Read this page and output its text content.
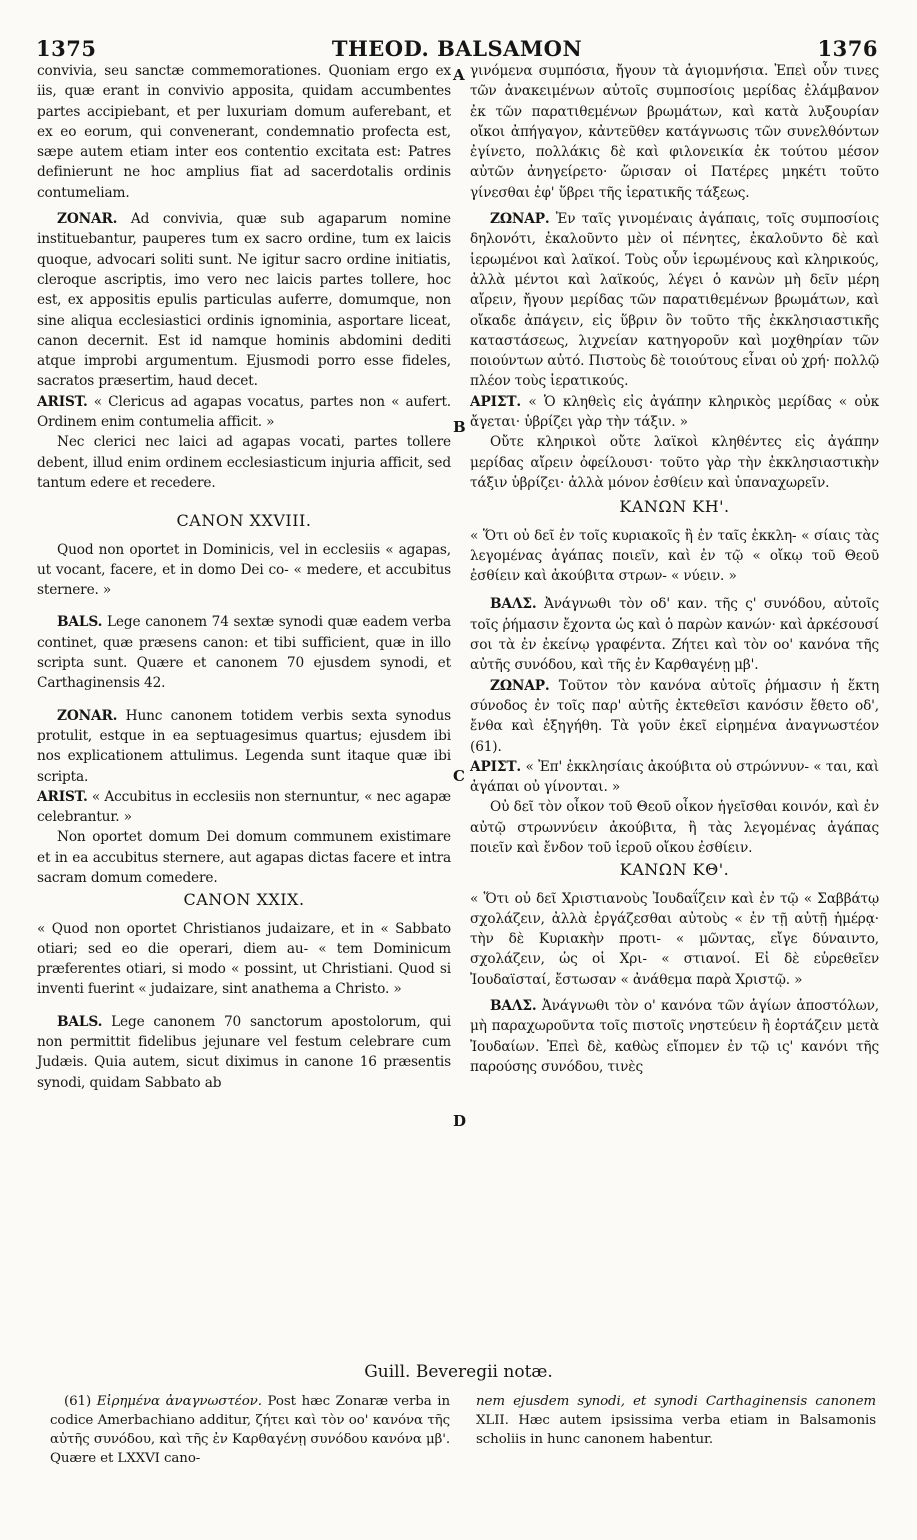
1375	THEOD. BALSAMON	1376
A
B
C
D

convivia, seu sanctæ commemorationes. Quoniam ergo ex iis, quæ erant in convivio apposita, quidam accumbentes partes accipiebant, et per luxuriam domum auferebant, et ex eo eorum, qui convenerant, condemnatio profecta est, sæpe autem etiam inter eos contentio excitata est: Patres definierunt ne hoc amplius fiat ad sacerdotalis ordinis contumeliam.

ZONAR. Ad convivia, quæ sub agaparum nomine instituebantur, pauperes tum ex sacro ordine, tum ex laicis quoque, advocari soliti sunt. Ne igitur sacro ordine initiatis, cleroque ascriptis, imo vero nec laicis partes tollere, hoc est, ex appositis epulis particulas auferre, domumque, non sine aliqua ecclesiastici ordinis ignominia, asportare liceat, canon decernit. Est id namque hominis abdomini dediti atque improbi argumentum. Ejusmodi porro esse fideles, sacratos præsertim, haud decet.

ARIST. « Clericus ad agapas vocatus, partes non « aufert. Ordinem enim contumelia afficit. »

Nec clerici nec laici ad agapas vocati, partes tollere debent, illud enim ordinem ecclesiasticum injuria afficit, sed tantum edere et recedere.

CANON XXVIII.

Quod non oportet in Dominicis, vel in ecclesiis « agapas, ut vocant, facere, et in domo Dei co- « medere, et accubitus sternere. »

BALS. Lege canonem 74 sextæ synodi quæ eadem verba continet, quæ præsens canon: et tibi sufficient, quæ in illo scripta sunt. Quære et canonem 70 ejusdem synodi, et Carthaginensis 42.

ZONAR. Hunc canonem totidem verbis sexta synodus protulit, estque in ea septuagesimus quartus; ejusdem ibi nos explicationem attulimus. Legenda sunt itaque quæ ibi scripta.

ARIST. « Accubitus in ecclesiis non sternuntur, « nec agapæ celebrantur. »

Non oportet domum Dei domum communem existimare et in ea accubitus sternere, aut agapas dictas facere et intra sacram domum comedere.

CANON XXIX.

« Quod non oportet Christianos judaizare, et in « Sabbato otiari; sed eo die operari, diem au- « tem Dominicum præferentes otiari, si modo « possint, ut Christiani. Quod si inventi fuerint « judaizare, sint anathema a Christo. »

BALS. Lege canonem 70 sanctorum apostolorum, qui non permittit fidelibus jejunare vel festum celebrare cum Judæis. Quia autem, sicut diximus in canone 16 præsentis synodi, quidam Sabbato ab

γινόμενα συμπόσια, ἤγουν τὰ ἁγιομνήσια. Ἐπεὶ οὖν τινες τῶν ἀνακειμένων αὐτοῖς συμποσίοις μερίδας ἐλάμβανον ἐκ τῶν παρατιθεμένων βρωμάτων, καὶ κατὰ λυξουρίαν οἴκοι ἀπήγαγον, κἀντεῦθεν κατάγνωσις τῶν συνελθόντων ἐγίνετο, πολλάκις δὲ καὶ φιλονεικία ἐκ τούτου μέσον αὐτῶν ἀνηγείρετο· ὥρισαν οἱ Πατέρες μηκέτι τοῦτο γίνεσθαι ἐφ' ὕβρει τῆς ἱερατικῆς τάξεως.

ΖΩΝΑΡ. Ἐν ταῖς γινομέναις ἀγάπαις, τοῖς συμποσίοις δηλονότι, ἐκαλοῦντο μὲν οἱ πένητες, ἐκαλοῦντο δὲ καὶ ἱερωμένοι καὶ λαϊκοί. Τοὺς οὖν ἱερωμένους καὶ κληρικούς, ἀλλὰ μέντοι καὶ λαϊκούς, λέγει ὁ κανὼν μὴ δεῖν μέρη αἴρειν, ἤγουν μερίδας τῶν παρατιθεμένων βρωμάτων, καὶ οἴκαδε ἀπάγειν, εἰς ὕβριν ὂν τοῦτο τῆς ἐκκλησιαστικῆς καταστάσεως, λιχνείαν κατηγοροῦν καὶ μοχθηρίαν τῶν ποιούντων αὐτό. Πιστοὺς δὲ τοιούτους εἶναι οὐ χρή· πολλῷ πλέον τοὺς ἱερατικούς.

ΑΡΙΣΤ. « Ὁ κληθεὶς εἰς ἀγάπην κληρικὸς μερίδας « οὐκ ἄγεται· ὑβρίζει γὰρ τὴν τάξιν. »

Οὔτε κληρικοὶ οὔτε λαϊκοὶ κληθέντες εἰς ἀγάπην μερίδας αἴρειν ὀφείλουσι· τοῦτο γὰρ τὴν ἐκκλησιαστικὴν τάξιν ὑβρίζει· ἀλλὰ μόνον ἐσθίειν καὶ ὑπαναχωρεῖν.

ΚΑΝΩΝ ΚΗ'.

« Ὅτι οὐ δεῖ ἐν τοῖς κυριακοῖς ἢ ἐν ταῖς ἐκκλη- « σίαις τὰς λεγομένας ἀγάπας ποιεῖν, καὶ ἐν τῷ « οἴκῳ τοῦ Θεοῦ ἐσθίειν καὶ ἀκούβιτα στρων- « νύειν. »

ΒΑΛΣ. Ἀνάγνωθι τὸν οδ' καν. τῆς ς' συνόδου, αὐτοῖς τοῖς ῥήμασιν ἔχοντα ὡς καὶ ὁ παρὼν κανών· καὶ ἀρκέσουσί σοι τὰ ἐν ἐκείνῳ γραφέντα. Ζήτει καὶ τὸν οο' κανόνα τῆς αὐτῆς συνόδου, καὶ τῆς ἐν Καρθαγένῃ μβ'.

ΖΩΝΑΡ. Τοῦτον τὸν κανόνα αὐτοῖς ῥήμασιν ἡ ἕκτη σύνοδος ἐν τοῖς παρ' αὐτῆς ἐκτεθεῖσι κανόσιν ἔθετο οδ', ἔνθα καὶ ἐξηγήθη. Τὰ γοῦν ἐκεῖ εἰρημένα ἀναγνωστέον (61).

ΑΡΙΣΤ. « Ἐπ' ἐκκλησίαις ἀκούβιτα οὐ στρώννυν- « ται, καὶ ἀγάπαι οὐ γίνονται. »

Οὐ δεῖ τὸν οἶκον τοῦ Θεοῦ οἶκον ἡγεῖσθαι κοινόν, καὶ ἐν αὐτῷ στρωννύειν ἀκούβιτα, ἢ τὰς λεγομένας ἀγάπας ποιεῖν καὶ ἔνδον τοῦ ἱεροῦ οἴκου ἐσθίειν.

ΚΑΝΩΝ ΚΘ'.

« Ὅτι οὐ δεῖ Χριστιανοὺς Ἰουδαΐζειν καὶ ἐν τῷ « Σαββάτῳ σχολάζειν, ἀλλὰ ἐργάζεσθαι αὐτοὺς « ἐν τῇ αὐτῇ ἡμέρᾳ· τὴν δὲ Κυριακὴν προτι- « μῶντας, εἴγε δύναιντο, σχολάζειν, ὡς οἱ Χρι- « στιανοί. Εἰ δὲ εὑρεθεῖεν Ἰουδαϊσταί, ἔστωσαν « ἀνάθεμα παρὰ Χριστῷ. »

ΒΑΛΣ. Ἀνάγνωθι τὸν ο' κανόνα τῶν ἁγίων ἀποστόλων, μὴ παραχωροῦντα τοῖς πιστοῖς νηστεύειν ἢ ἑορτάζειν μετὰ Ἰουδαίων. Ἐπεὶ δὲ, καθὼς εἴπομεν ἐν τῷ ις' κανόνι τῆς παρούσης συνόδου, τινὲς

Guill. Beveregii notæ.
(61) Εἰρημένα ἀναγνωστέον. Post hæc Zonaræ verba in codice Amerbachiano additur, ζήτει καὶ τὸν οο' κανόνα τῆς αὐτῆς συνόδου, καὶ τῆς ἐν Καρθαγένῃ συνόδου κανόνα μβ'. Quære et LXXVI cano-
nem ejusdem synodi, et synodi Carthaginensis canonem XLII. Hæc autem ipsissima verba etiam in Balsamonis scholiis in hunc canonem habentur.
